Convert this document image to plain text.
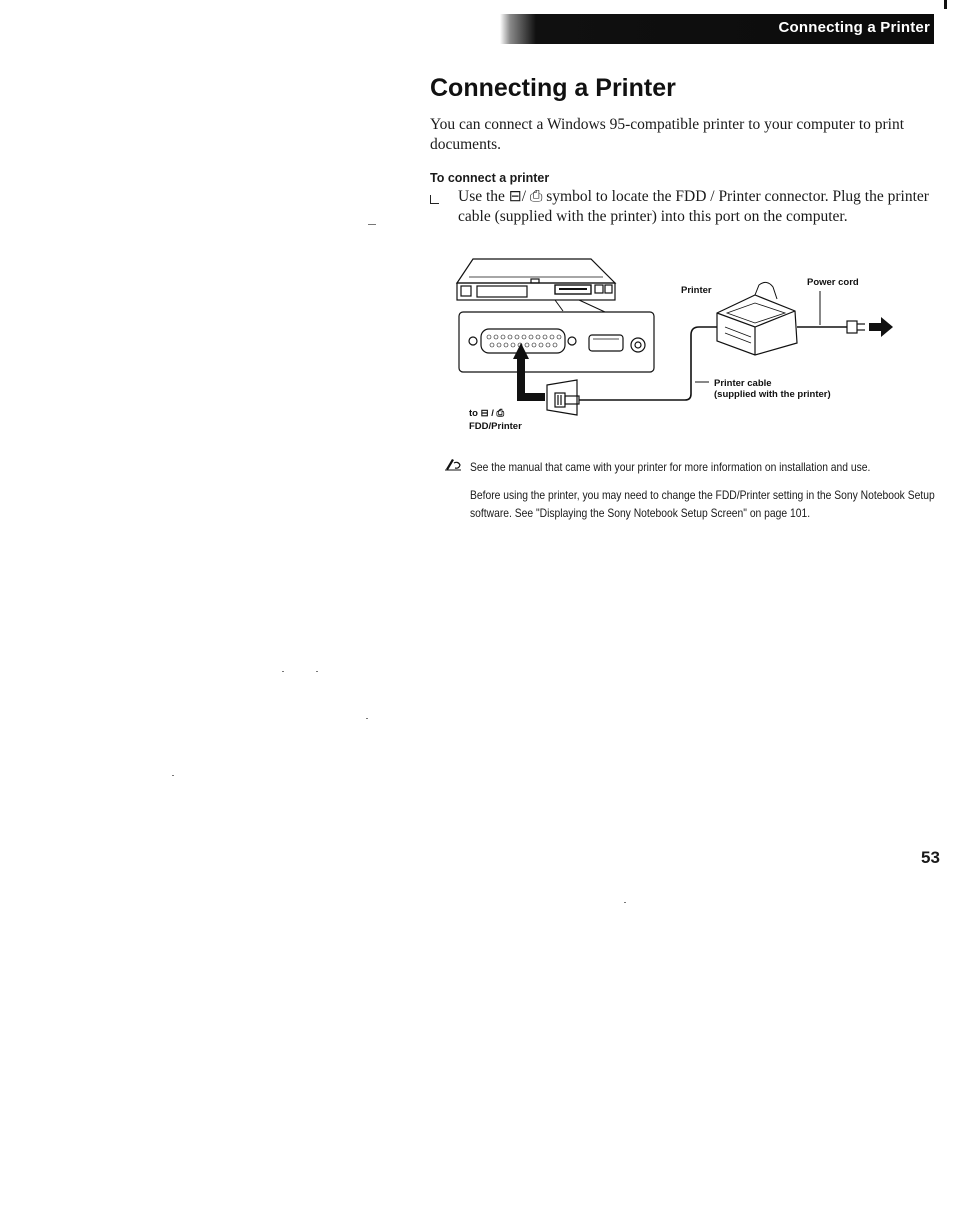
Connecting a Printer
Connecting a Printer

You can connect a Windows 95-compatible printer to your computer to print documents.

To connect a printer

Use the ⊟/ ⎙ symbol to locate the FDD / Printer connector. Plug the printer cable (supplied with the printer) into this port on the computer.

Printer
Power cord
Printer cable
(supplied with the printer)
to ⊟ / ⎙
FDD/Printer

See the manual that came with your printer for more information on installation and use.

Before using the printer, you may need to change the FDD/Printer setting in the Sony Notebook Setup software. See "Displaying the Sony Notebook Setup Screen" on page 101.

53
